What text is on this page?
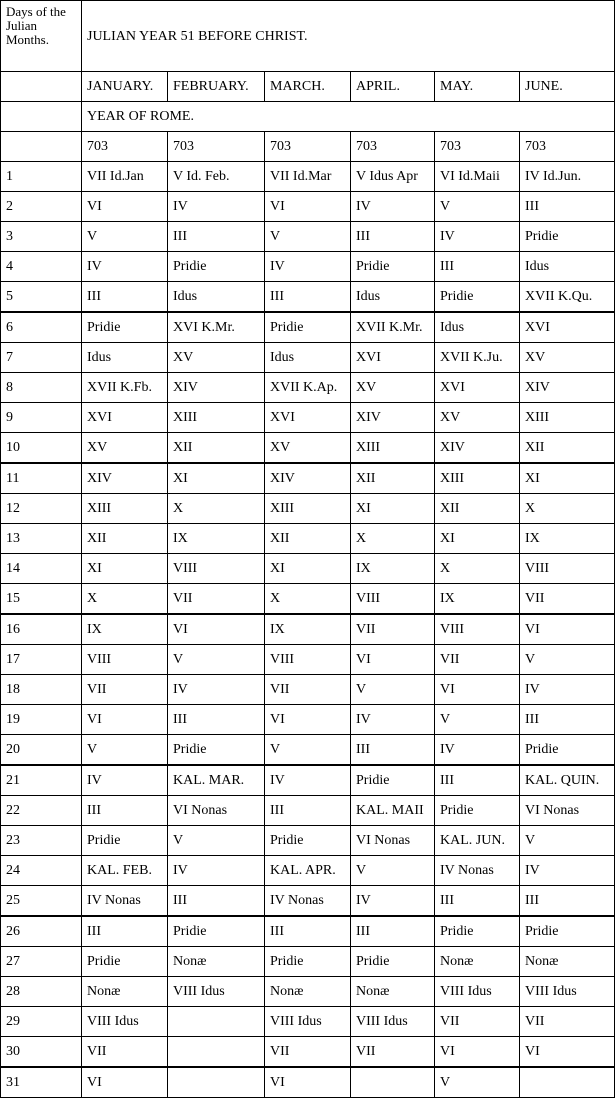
Days of the Julian Months.	JULIAN YEAR 51 BEFORE CHRIST.					
	JANUARY.	FEBRUARY.	MARCH.	APRIL.	MAY.	JUNE.
	YEAR OF ROME.					
	703	703	703	703	703	703
1	VII Id.Jan	V Id. Feb.	VII Id.Mar	V Idus Apr	VI Id.Maii	IV Id.Jun.
2	VI	IV	VI	IV	V	III
3	V	III	V	III	IV	Pridie
4	IV	Pridie	IV	Pridie	III	Idus
5	III	Idus	III	Idus	Pridie	XVII K.Qu.
6	Pridie	XVI K.Mr.	Pridie	XVII K.Mr.	Idus	XVI
7	Idus	XV	Idus	XVI	XVII K.Ju.	XV
8	XVII K.Fb.	XIV	XVII K.Ap.	XV	XVI	XIV
9	XVI	XIII	XVI	XIV	XV	XIII
10	XV	XII	XV	XIII	XIV	XII
11	XIV	XI	XIV	XII	XIII	XI
12	XIII	X	XIII	XI	XII	X
13	XII	IX	XII	X	XI	IX
14	XI	VIII	XI	IX	X	VIII
15	X	VII	X	VIII	IX	VII
16	IX	VI	IX	VII	VIII	VI
17	VIII	V	VIII	VI	VII	V
18	VII	IV	VII	V	VI	IV
19	VI	III	VI	IV	V	III
20	V	Pridie	V	III	IV	Pridie
21	IV	KAL. MAR.	IV	Pridie	III	KAL. QUIN.
22	III	VI Nonas	III	KAL. MAII	Pridie	VI Nonas
23	Pridie	V	Pridie	VI Nonas	KAL. JUN.	V
24	KAL. FEB.	IV	KAL. APR.	V	IV Nonas	IV
25	IV Nonas	III	IV Nonas	IV	III	III
26	III	Pridie	III	III	Pridie	Pridie
27	Pridie	Nonæ	Pridie	Pridie	Nonæ	Nonæ
28	Nonæ	VIII Idus	Nonæ	Nonæ	VIII Idus	VIII Idus
29	VIII Idus		VIII Idus	VIII Idus	VII	VII
30	VII		VII	VII	VI	VI
31	VI		VI		V	
